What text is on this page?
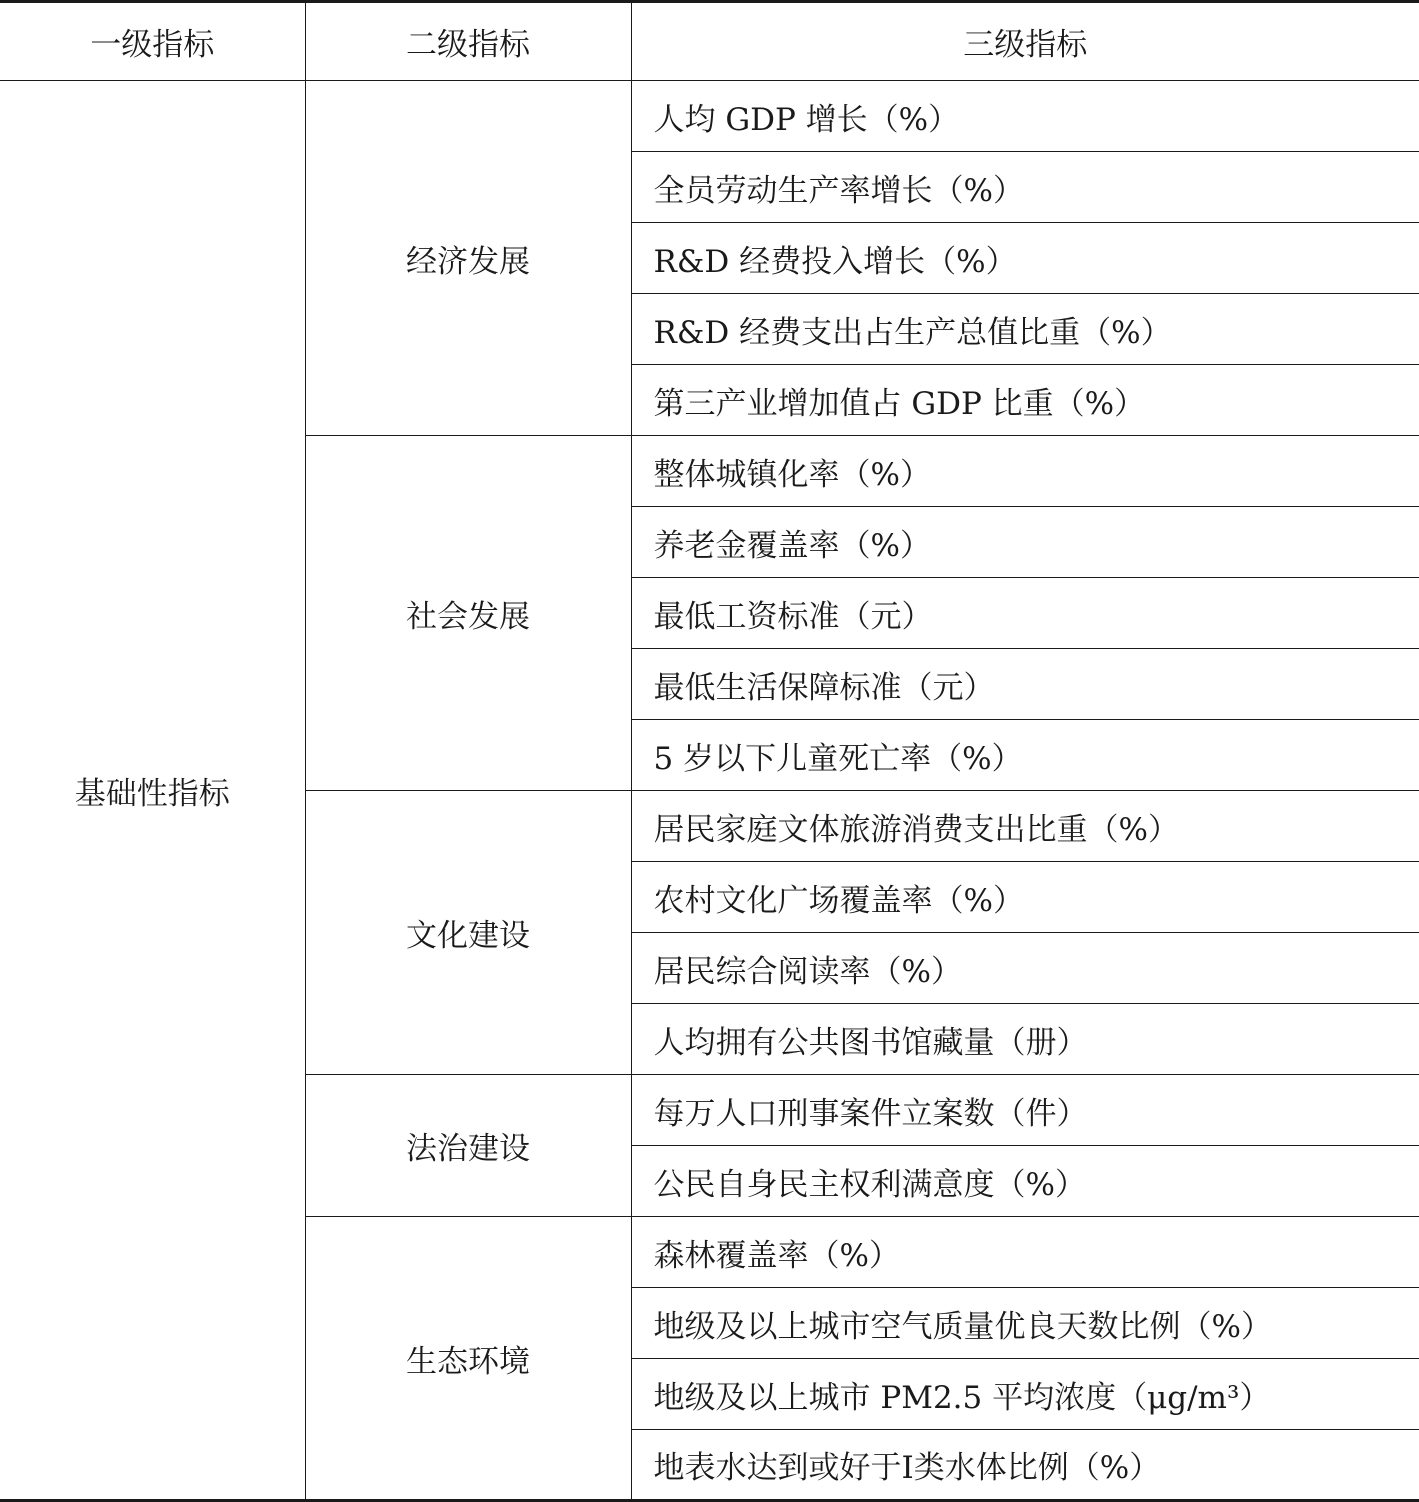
一级指标	二级指标	三级指标
基础性指标	经济发展	人均 GDP 增长（%）
		全员劳动生产率增长（%）
		R&D 经费投入增长（%）
		R&D 经费支出占生产总值比重（%）
		第三产业增加值占 GDP 比重（%）
	社会发展	整体城镇化率（%）
		养老金覆盖率（%）
		最低工资标准（元）
		最低生活保障标准（元）
		5 岁以下儿童死亡率（%）
	文化建设	居民家庭文体旅游消费支出比重（%）
		农村文化广场覆盖率（%）
		居民综合阅读率（%）
		人均拥有公共图书馆藏量（册）
	法治建设	每万人口刑事案件立案数（件）
		公民自身民主权利满意度（%）
	生态环境	森林覆盖率（%）
		地级及以上城市空气质量优良天数比例（%）
		地级及以上城市 PM2.5 平均浓度（μg/m³）
		地表水达到或好于Ⅰ类水体比例（%）
